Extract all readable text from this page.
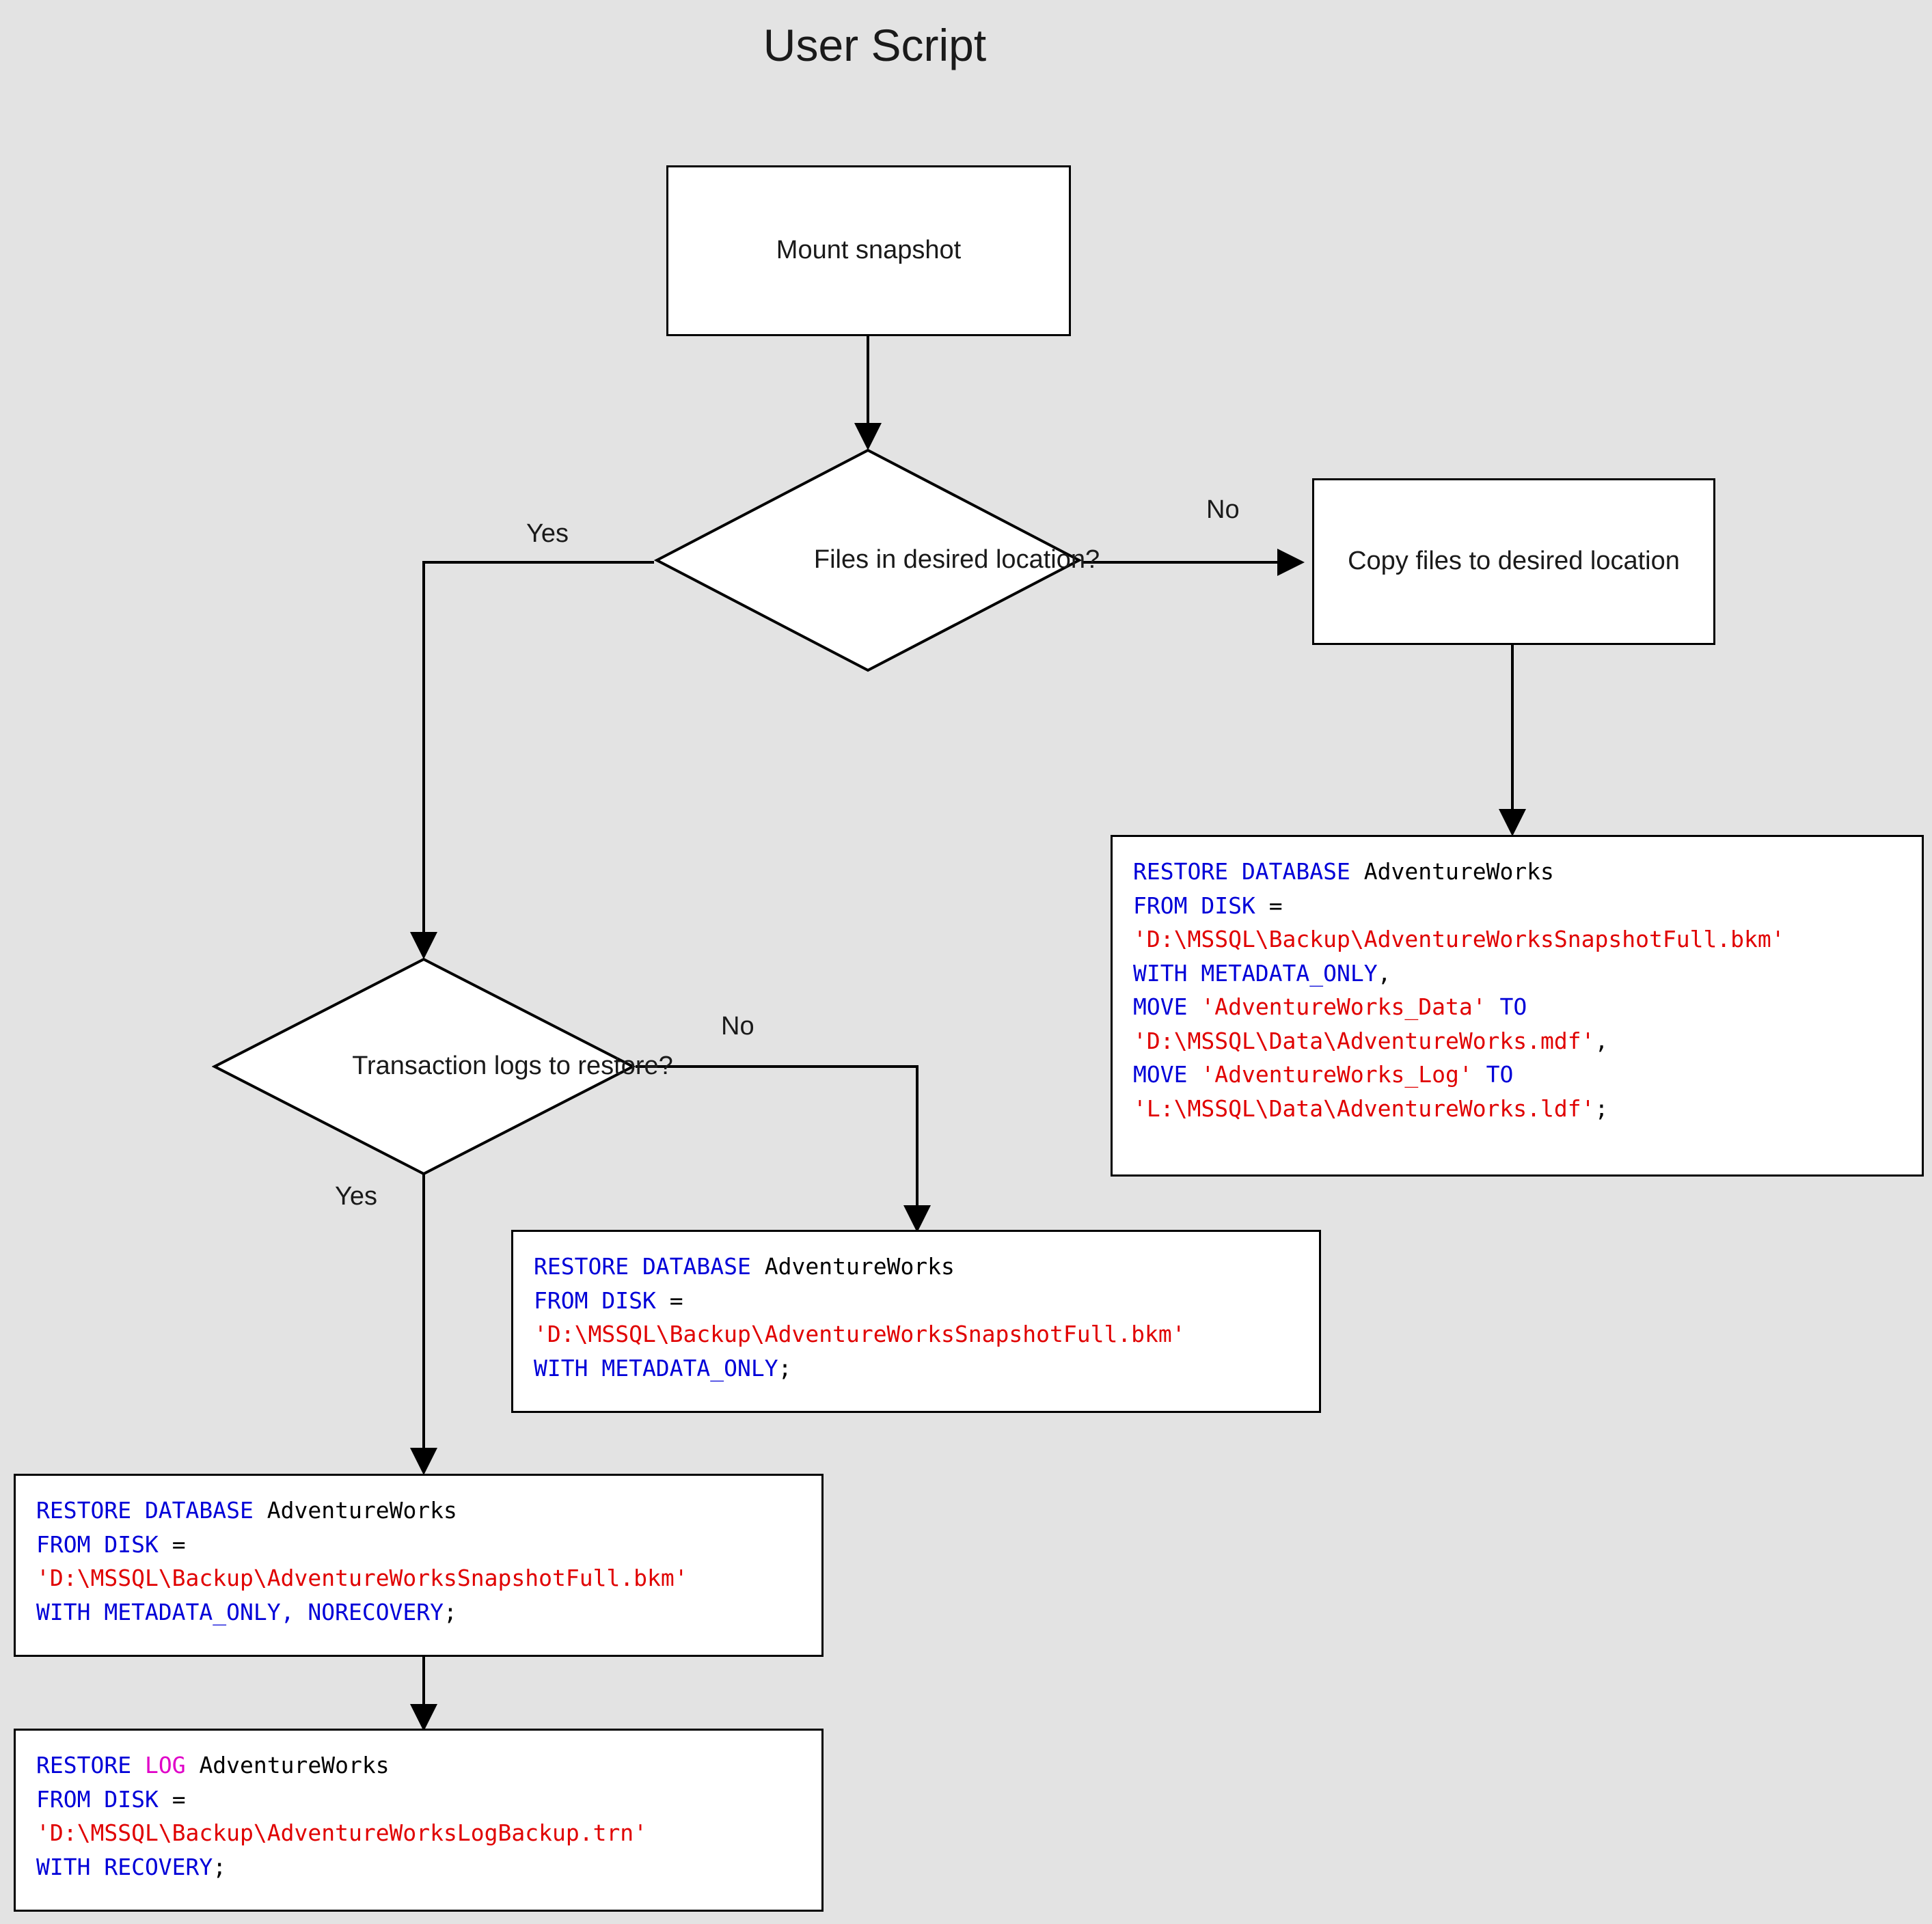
User Script
Mount snapshot
Files in desired location?	Copy files to desired location
Transaction logs to restore?
Yes
No
No
Yes
RESTORE DATABASE AdventureWorks
FROM DISK =
'D:\MSSQL\Backup\AdventureWorksSnapshotFull.bkm'
WITH METADATA_ONLY,
MOVE 'AdventureWorks_Data' TO
'D:\MSSQL\Data\AdventureWorks.mdf',
MOVE 'AdventureWorks_Log' TO
'L:\MSSQL\Data\AdventureWorks.ldf';
RESTORE DATABASE AdventureWorks
FROM DISK =
'D:\MSSQL\Backup\AdventureWorksSnapshotFull.bkm'
WITH METADATA_ONLY;
RESTORE DATABASE AdventureWorks
FROM DISK =
'D:\MSSQL\Backup\AdventureWorksSnapshotFull.bkm'
WITH METADATA_ONLY, NORECOVERY;
RESTORE LOG AdventureWorks
FROM DISK =
'D:\MSSQL\Backup\AdventureWorksLogBackup.trn'
WITH RECOVERY;
